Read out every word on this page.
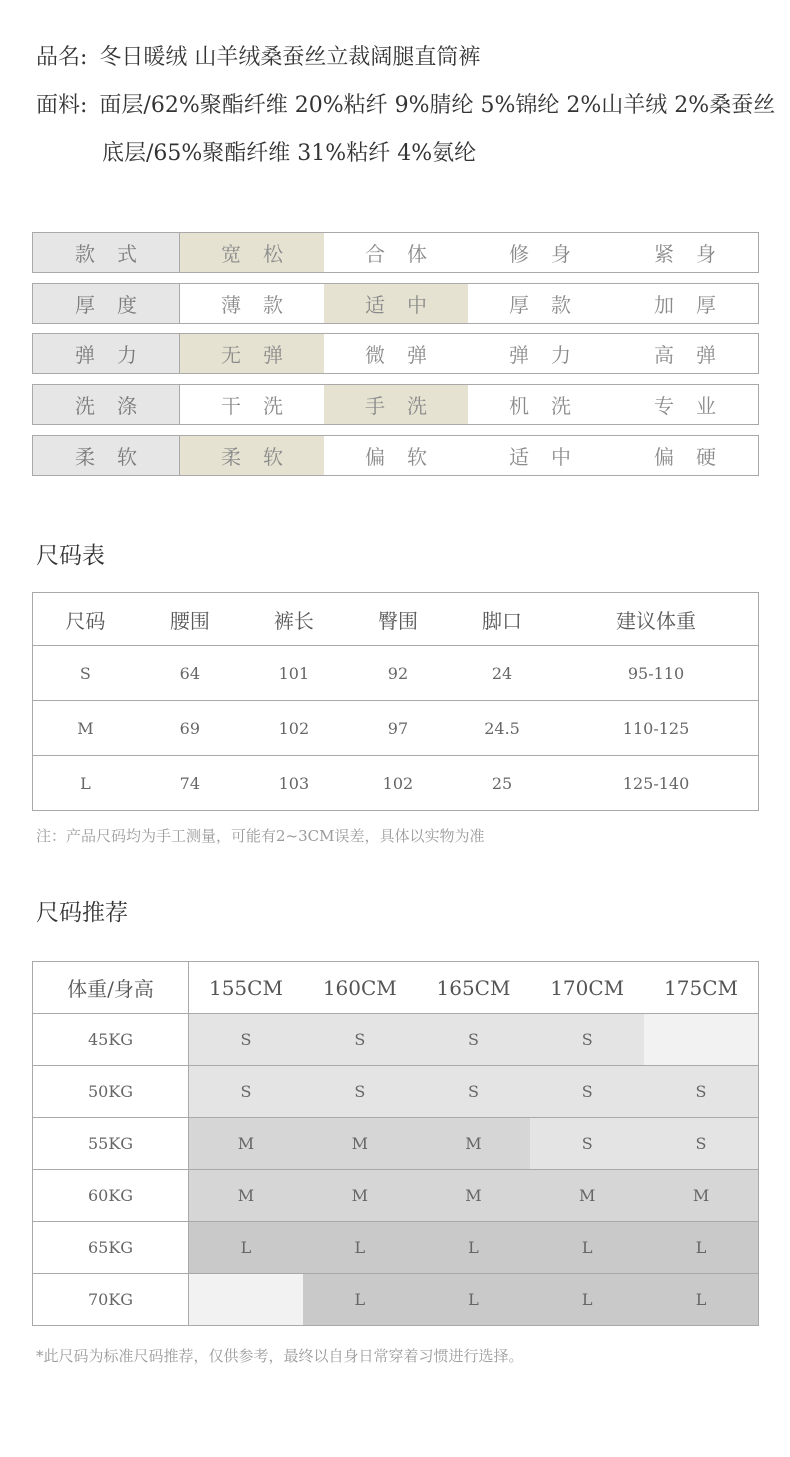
品名: 冬日暖绒 山羊绒桑蚕丝立裁阔腿直筒裤
面料: 面层/62%聚酯纤维 20%粘纤 9%腈纶 5%锦纶 2%山羊绒 2%桑蚕丝
底层/65%聚酯纤维 31%粘纤 4%氨纶
款式	宽松	合体	修身	紧身
厚度	薄款	适中	厚款	加厚
弹力	无弹	微弹	弹力	高弹
洗涤	干洗	手洗	机洗	专业
柔软	柔软	偏软	适中	偏硬
尺码表
尺码	腰围	裤长	臀围	脚口	建议体重
S	64	101	92	24	95-110
M	69	102	97	24.5	110-125
L	74	103	102	25	125-140
注：产品尺码均为手工测量，可能有2~3CM误差，具体以实物为准
尺码推荐
体重/身高	155CM	160CM	165CM	170CM	175CM
45KG	S	S	S	S	
50KG	S	S	S	S	S
55KG	M	M	M	S	S
60KG	M	M	M	M	M
65KG	L	L	L	L	L
70KG		L	L	L	L
*此尺码为标准尺码推荐，仅供参考，最终以自身日常穿着习惯进行选择。
